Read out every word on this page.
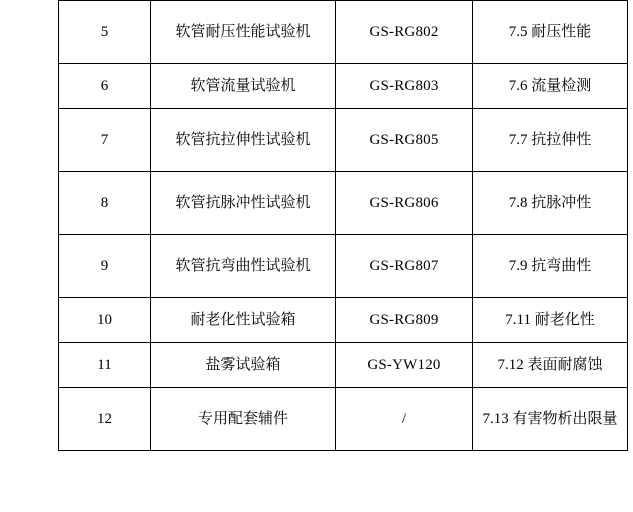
5	软管耐压性能试验机	GS-RG802	7.5 耐压性能
6	软管流量试验机	GS-RG803	7.6 流量检测
7	软管抗拉伸性试验机	GS-RG805	7.7 抗拉伸性
8	软管抗脉冲性试验机	GS-RG806	7.8 抗脉冲性
9	软管抗弯曲性试验机	GS-RG807	7.9 抗弯曲性
10	耐老化性试验箱	GS-RG809	7.11 耐老化性
11	盐雾试验箱	GS-YW120	7.12 表面耐腐蚀
12	专用配套辅件	/	7.13 有害物析出限量
